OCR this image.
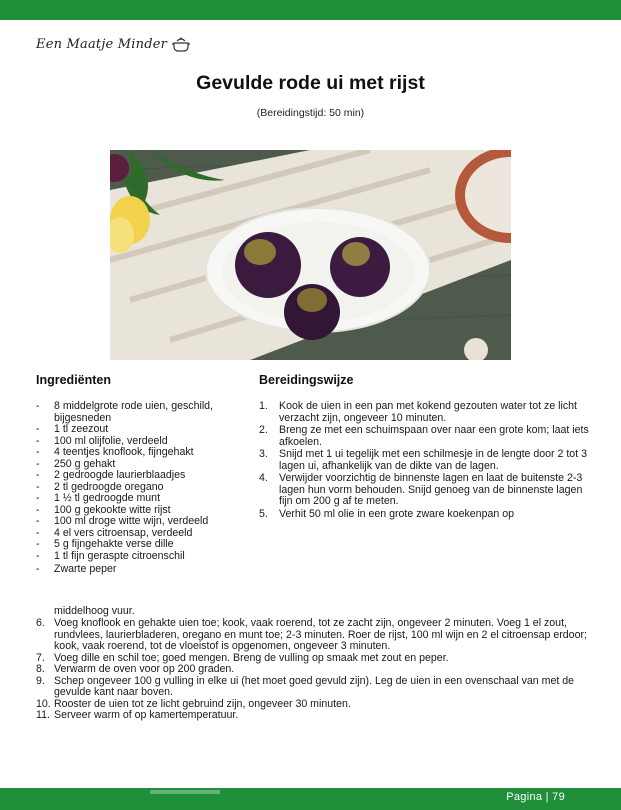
Een Maatje Minder
Gevulde rode ui met rijst
(Bereidingstijd: 50 min)
Ingrediënten	Bereidingswijze
- 8 middelgrote rode uien, geschild, bijgesneden
- 1 tl zeezout
- 100 ml olijfolie, verdeeld
- 4 teentjes knoflook, fijngehakt
- 250 g gehakt
- 2 gedroogde laurierblaadjes
- 2 tl gedroogde oregano
- 1 ½ tl gedroogde munt
- 100 g gekookte witte rijst
- 100 ml droge witte wijn, verdeeld
- 4 el vers citroensap, verdeeld
- 5 g fijngehakte verse dille
- 1 tl fijn geraspte citroenschil
- Zwarte peper
1. Kook de uien in een pan met kokend gezouten water tot ze licht verzacht zijn, ongeveer 10 minuten.
2. Breng ze met een schuimspaan over naar een grote kom; laat iets afkoelen.
3. Snijd met 1 ui tegelijk met een schilmesje in de lengte door 2 tot 3 lagen ui, afhankelijk van de dikte van de lagen.
4. Verwijder voorzichtig de binnenste lagen en laat de buitenste 2-3 lagen hun vorm behouden. Snijd genoeg van de binnenste lagen fijn om 200 g af te meten.
5. Verhit 50 ml olie in een grote zware koekenpan op
middelhoog vuur.
6. Voeg knoflook en gehakte uien toe; kook, vaak roerend, tot ze zacht zijn, ongeveer 2 minuten. Voeg 1 el zout, rundvlees, laurierbladeren, oregano en munt toe; 2-3 minuten. Roer de rijst, 100 ml wijn en 2 el citroensap erdoor; kook, vaak roerend, tot de vloeistof is opgenomen, ongeveer 3 minuten.
7. Voeg dille en schil toe; goed mengen. Breng de vulling op smaak met zout en peper.
8. Verwarm de oven voor op 200 graden.
9. Schep ongeveer 100 g vulling in elke ui (het moet goed gevuld zijn). Leg de uien in een ovenschaal van met de gevulde kant naar boven.
10. Rooster de uien tot ze licht gebruind zijn, ongeveer 30 minuten.
11. Serveer warm of op kamertemperatuur.
Pagina | 79
